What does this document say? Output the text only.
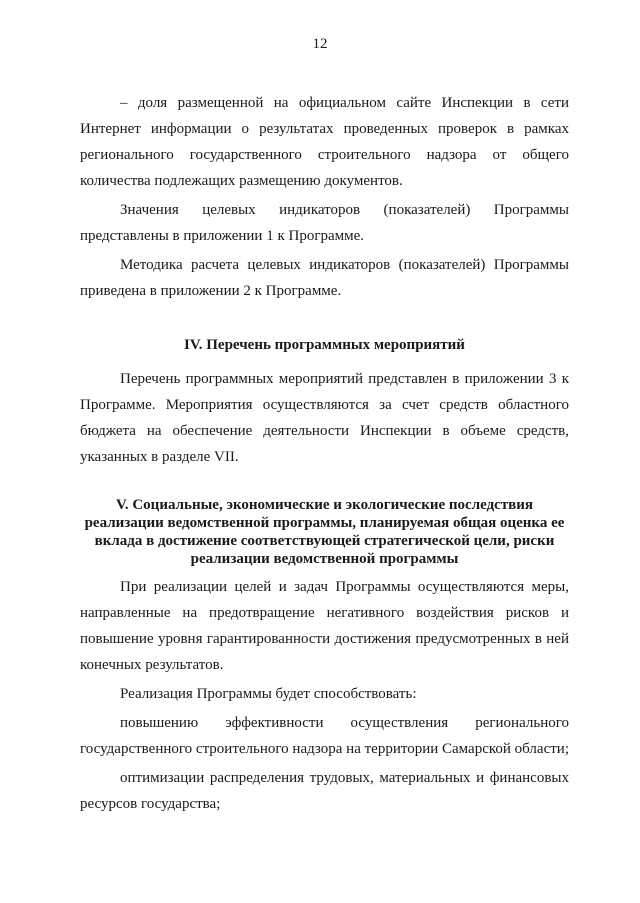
12

– доля размещенной на официальном сайте Инспекции в сети Интернет информации о результатах проведенных проверок в рамках регионального государственного строительного надзора от общего количества подлежащих размещению документов.

Значения целевых индикаторов (показателей) Программы представлены в приложении 1 к Программе.

Методика расчета целевых индикаторов (показателей) Программы приведена в приложении 2 к Программе.

IV. Перечень программных мероприятий

Перечень программных мероприятий представлен в приложении 3 к Программе. Мероприятия осуществляются за счет средств областного бюджета на обеспечение деятельности Инспекции в объеме средств, указанных в разделе VII.

V. Социальные, экономические и экологические последствия
реализации ведомственной программы, планируемая общая оценка ее
вклада в достижение соответствующей стратегической цели, риски
реализации ведомственной программы

При реализации целей и задач Программы осуществляются меры, направленные на предотвращение негативного воздействия рисков и повышение уровня гарантированности достижения предусмотренных в ней конечных результатов.

Реализация Программы будет способствовать:

повышению эффективности осуществления регионального государственного строительного надзора на территории Самарской области;

оптимизации распределения трудовых, материальных и финансовых ресурсов государства;
